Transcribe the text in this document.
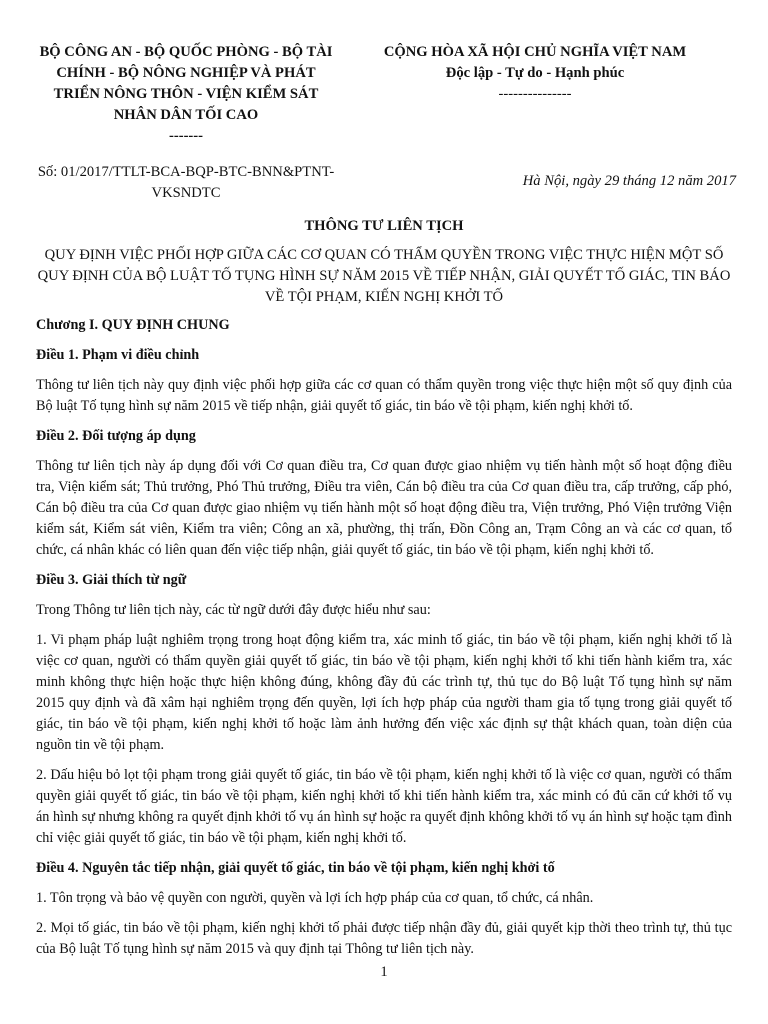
BỘ CÔNG AN - BỘ QUỐC PHÒNG - BỘ TÀI CHÍNH - BỘ NÔNG NGHIỆP VÀ PHÁT TRIỂN NÔNG THÔN - VIỆN KIỂM SÁT NHÂN DÂN TỐI CAO
-------
CỘNG HÒA XÃ HỘI CHỦ NGHĨA VIỆT NAM
Độc lập - Tự do - Hạnh phúc
---------------
Số: 01/2017/TTLT-BCA-BQP-BTC-BNN&PTNT-VKSNDTC
Hà Nội, ngày 29 tháng 12 năm 2017
THÔNG TƯ LIÊN TỊCH
QUY ĐỊNH VIỆC PHỐI HỢP GIỮA CÁC CƠ QUAN CÓ THẨM QUYỀN TRONG VIỆC THỰC HIỆN MỘT SỐ QUY ĐỊNH CỦA BỘ LUẬT TỐ TỤNG HÌNH SỰ NĂM 2015 VỀ TIẾP NHẬN, GIẢI QUYẾT TỐ GIÁC, TIN BÁO VỀ TỘI PHẠM, KIẾN NGHỊ KHỞI TỐ
Chương I. QUY ĐỊNH CHUNG
Điều 1. Phạm vi điều chỉnh
Thông tư liên tịch này quy định việc phối hợp giữa các cơ quan có thẩm quyền trong việc thực hiện một số quy định của Bộ luật Tố tụng hình sự năm 2015 về tiếp nhận, giải quyết tố giác, tin báo về tội phạm, kiến nghị khởi tố.
Điều 2. Đối tượng áp dụng
Thông tư liên tịch này áp dụng đối với Cơ quan điều tra, Cơ quan được giao nhiệm vụ tiến hành một số hoạt động điều tra, Viện kiểm sát; Thủ trưởng, Phó Thủ trưởng, Điều tra viên, Cán bộ điều tra của Cơ quan điều tra, cấp trưởng, cấp phó, Cán bộ điều tra của Cơ quan được giao nhiệm vụ tiến hành một số hoạt động điều tra, Viện trưởng, Phó Viện trưởng Viện kiểm sát, Kiểm sát viên, Kiểm tra viên; Công an xã, phường, thị trấn, Đồn Công an, Trạm Công an và các cơ quan, tổ chức, cá nhân khác có liên quan đến việc tiếp nhận, giải quyết tố giác, tin báo về tội phạm, kiến nghị khởi tố.
Điều 3. Giải thích từ ngữ
Trong Thông tư liên tịch này, các từ ngữ dưới đây được hiểu như sau:
1. Vi phạm pháp luật nghiêm trọng trong hoạt động kiểm tra, xác minh tố giác, tin báo về tội phạm, kiến nghị khởi tố là việc cơ quan, người có thẩm quyền giải quyết tố giác, tin báo về tội phạm, kiến nghị khởi tố khi tiến hành kiểm tra, xác minh không thực hiện hoặc thực hiện không đúng, không đầy đủ các trình tự, thủ tục do Bộ luật Tố tụng hình sự năm 2015 quy định và đã xâm hại nghiêm trọng đến quyền, lợi ích hợp pháp của người tham gia tố tụng trong giải quyết tố giác, tin báo về tội phạm, kiến nghị khởi tố hoặc làm ảnh hưởng đến việc xác định sự thật khách quan, toàn diện của nguồn tin về tội phạm.
2. Dấu hiệu bỏ lọt tội phạm trong giải quyết tố giác, tin báo về tội phạm, kiến nghị khởi tố là việc cơ quan, người có thẩm quyền giải quyết tố giác, tin báo về tội phạm, kiến nghị khởi tố khi tiến hành kiểm tra, xác minh có đủ căn cứ khởi tố vụ án hình sự nhưng không ra quyết định khởi tố vụ án hình sự hoặc ra quyết định không khởi tố vụ án hình sự hoặc tạm đình chỉ việc giải quyết tố giác, tin báo về tội phạm, kiến nghị khởi tố.
Điều 4. Nguyên tắc tiếp nhận, giải quyết tố giác, tin báo về tội phạm, kiến nghị khởi tố
1. Tôn trọng và bảo vệ quyền con người, quyền và lợi ích hợp pháp của cơ quan, tổ chức, cá nhân.
2. Mọi tố giác, tin báo về tội phạm, kiến nghị khởi tố phải được tiếp nhận đầy đủ, giải quyết kịp thời theo trình tự, thủ tục của Bộ luật Tố tụng hình sự năm 2015 và quy định tại Thông tư liên tịch này.
1
